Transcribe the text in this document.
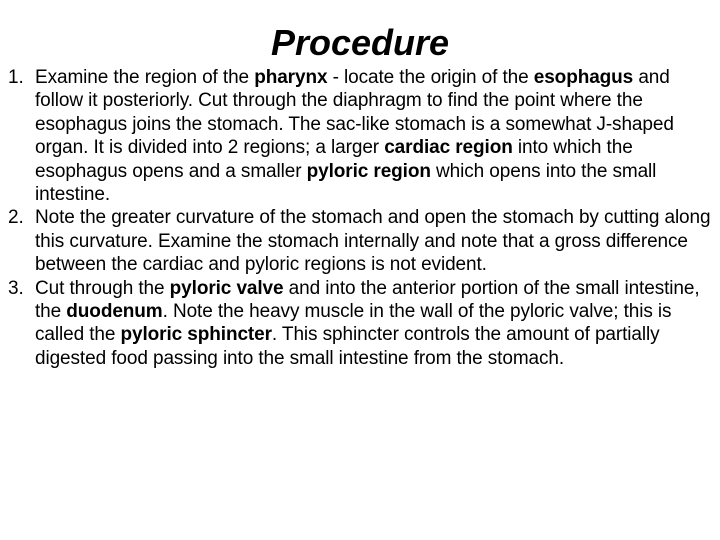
Procedure
1. Examine the region of the pharynx - locate the origin of the esophagus and follow it posteriorly. Cut through the diaphragm to find the point where the esophagus joins the stomach. The sac-like stomach is a somewhat J-shaped organ. It is divided into 2 regions; a larger cardiac region into which the esophagus opens and a smaller pyloric region which opens into the small intestine.
2. Note the greater curvature of the stomach and open the stomach by cutting along this curvature. Examine the stomach internally and note that a gross difference between the cardiac and pyloric regions is not evident.
3. Cut through the pyloric valve and into the anterior portion of the small intestine, the duodenum. Note the heavy muscle in the wall of the pyloric valve; this is called the pyloric sphincter. This sphincter controls the amount of partially digested food passing into the small intestine from the stomach.
